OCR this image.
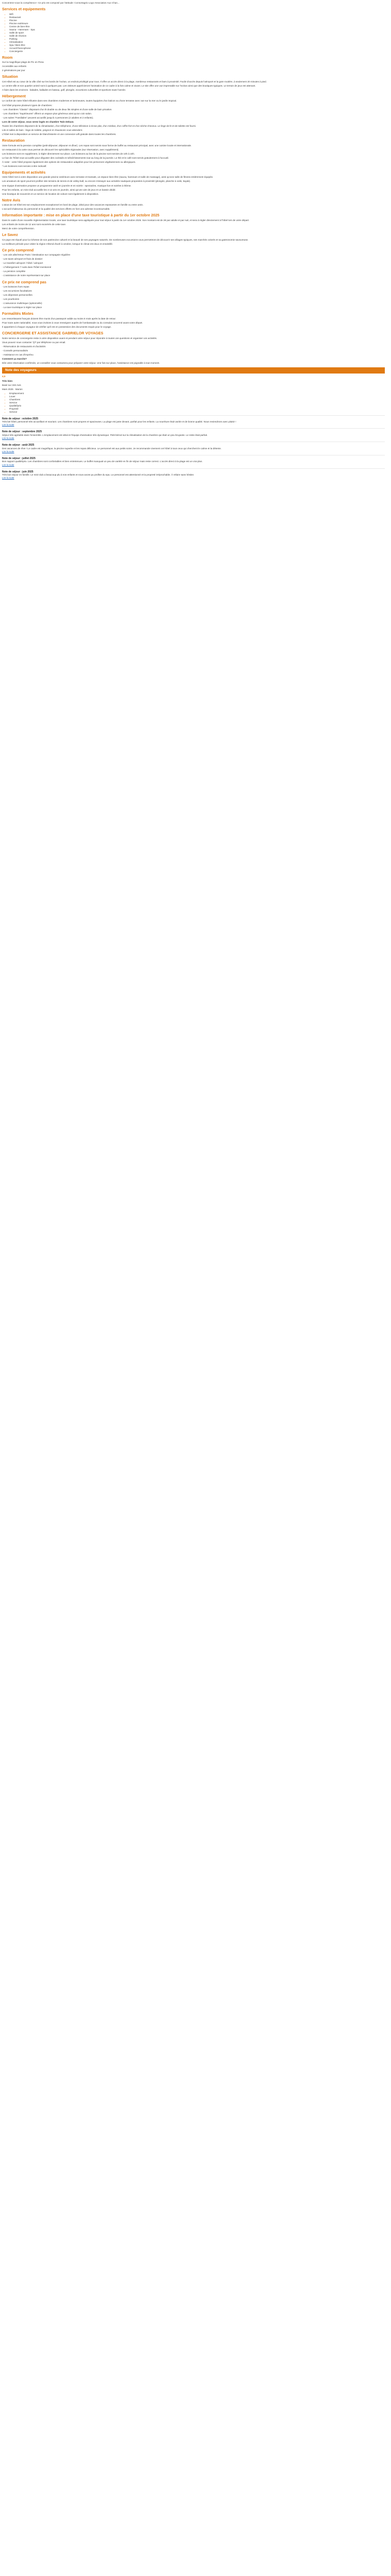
Concentrez-vous la compétence ! Ce prix est composé par l'attitude: Consortagrio Logo Association Aux Chan...

Services et equipements
• Wifi
• Restaurant
• Piscine
• Piscine extérieure
• Centre de bien-être
• Sauna - Hammam - Spa
• Salle de sport
• Salle de réunion
• Parking
• Climatisation
• Spa / Bien-être
• Accueil francophone
• Conciergerie
Room

Sur la magnifique plage de Pic en Pena

Accessible aux enfants

2 générations par jour

Situation

Cet Hôtel est au cœur de la ville côté sur les bords de l'océan, un endroit privilégié pour tous. Il offre un accès direct à la plage, nombreux restaurants et bars à proximité. Facile d'accès depuis l'aéroport et la gare routière, à seulement 20 minutes à pied.

Le centre-ville et son quartier animé sont à quelques pas. Les visiteurs apprécieront l'animation de ce cadre à la fois calme et vivant. Le site offre une vue imprenable sur l'océan ainsi que des boutiques typiques. Le terrain de jeux est attenant.

A faire dans les environs : balades, ballades en bateau, golf, plongée, excursions culturelles et sportives toute l'année.

Hébergement

Le confort de notre hôtel s'illustre dans ses chambres modernes et lumineuses, toutes équipées d'un balcon ou d'une terrasse avec vue sur la mer ou le jardin tropical.

Cet hôtel propose plusieurs types de chambres :

- Les chambres "Classic" disposant d'un lit double ou de deux lits simples et d'une salle de bain privative.

- Les chambres "Supérieures" offrent un espace plus généreux ainsi qu'un coin salon.

- Les suites "Familiales" peuvent accueillir jusqu'à 4 personnes (2 adultes et 2 enfants).

Lors de votre séjour, vous serez logés en chambre Twin Deluxe.

Toutes les chambres disposent de la climatisation, d'un téléphone, d'une télévision à écran plat, d'un minibar, d'un coffre-fort et d'un sèche-cheveux. Le linge de lit et de toilette est fourni.

Lits et salles de bain : linge de toilette, peignoir et chaussons vous attendent.

L'hôtel met à disposition un service de blanchisserie et une connexion wifi gratuite dans toutes les chambres.

Restauration

Votre formule est la pension complète (petit-déjeuner, déjeuner et dîner). Les repas sont servis sous forme de buffet au restaurant principal, avec une cuisine locale et internationale.

Un restaurant à la carte vous permet de découvrir les spécialités régionales (sur réservation, avec supplément).

Les boissons sont en supplément, à régler directement sur place. Les boissons au bar de la piscine sont servies de 10h à 22h.

Le bar de l'hôtel vous accueille pour déguster des cocktails et rafraîchissements tout au long de la journée. Le thé et le café sont servis gratuitement à l'accueil.

À noter : votre hôtel propose également des options de restauration adaptées pour les personnes végétariennes ou allergiques.

* Les boissons sont servies à titre indicatif.

Equipements et activités

Votre hôtel met à votre disposition une grande piscine extérieure avec terrasse et transats, un espace bien-être (sauna, hammam et salle de massage), ainsi qu'une salle de fitness entièrement équipée.

Les amateurs de sport pourront profiter des terrains de tennis et de volley-ball, ou encore s'essayer aux activités nautiques proposées à proximité (plongée, planche à voile, kayak).

Une équipe d'animation propose un programme varié en journée et en soirée : spectacles, musique live et soirées à thème.

Pour les enfants, un mini-club accueille les 4-12 ans en journée, ainsi qu'une aire de jeux et un bassin dédié.

Une boutique de souvenirs et un service de location de voiture sont également à disposition.

Notre Avis

L'atout de cet hôtel est son emplacement exceptionnel en bord de plage, idéal pour des vacances reposantes en famille ou entre amis.

L'accueil chaleureux du personnel et la qualité des services offerts en font une adresse incontournable.

Information importante : mise en place d'une taxe touristique à partir du 1er octobre 2025

Dans le cadre d'une nouvelle réglementation locale, une taxe touristique sera appliquée pour tout séjour à partir du 1er octobre 2025. Son montant est de 2€ par adulte et par nuit, et sera à régler directement à l'hôtel lors de votre départ.

Les enfants de moins de 12 ans sont exonérés de cette taxe.

Merci de votre compréhension.

Le Savez

Ce pays est réputé pour la richesse de son patrimoine culturel et la beauté de ses paysages naturels. De nombreuses excursions vous permettront de découvrir ses villages typiques, ses marchés colorés et sa gastronomie savoureuse.

La meilleure période pour visiter la région s'étend d'avril à octobre, lorsque le climat est doux et ensoleillé.

Ce prix comprend

- Les vols aller/retour Paris / Destination sur compagnie régulière

- Les taxes aéroport et frais de dossier

- Le transfert aéroport / hôtel / aéroport

- L'hébergement 7 nuits dans l'hôtel mentionné

- La pension complète

- L'assistance de notre représentant sur place

Ce prix ne comprend pas

- Les boissons hors repas

- Les excursions facultatives

- Les dépenses personnelles

- Les pourboires

- L'assurance multirisque (optionnelle)

- La taxe touristique à régler sur place

Formalités Mixtes

Les ressortissants français doivent être munis d'un passeport valide au moins 6 mois après la date de retour.

Pour toute autre nationalité, nous vous invitons à vous renseigner auprès de l'ambassade ou du consulat concerné avant votre départ.

Il appartient à chaque voyageur de vérifier qu'il est en possession des documents requis pour le voyage.

CONCIERGERIE ET ASSISTANCE GABRIELOR VOYAGES

Notre service de conciergerie reste à votre disposition avant et pendant votre séjour pour répondre à toutes vos questions et organiser vos activités.

Vous pouvez nous contacter 7j/7 par téléphone ou par email.

- Réservation de restaurants et d'activités

- Conseils personnalisés

- Assistance en cas d'imprévu

Comment ça marche?

Dès votre réservation confirmée, un conseiller vous contactera pour préparer votre séjour. Une fois sur place, l'assistance est joignable à tout moment.

Note des voyageurs

4,5

Très bien

Basé sur 333 Avis

Mars 2025 · Marion

• Emplacement
• Louer
• Chambres
• Service
• Qualité/prix
• Propreté
• Service
Note de séjour : octobre 2025
Très bel hôtel, personnel très accueillant et souriant. Les chambres sont propres et spacieuses. La plage est juste devant, parfait pour les enfants. La nourriture était variée et de bonne qualité. Nous reviendrons avec plaisir !
Lire la suite
Note de séjour : septembre 2025
Séjour très agréable dans l'ensemble. L'emplacement est idéal et l'équipe d'animation très dynamique. Petit bémol sur la climatisation de la chambre qui était un peu bruyante. Le reste était parfait.
Lire la suite
Note de séjour : août 2025
Des vacances de rêve ! Le cadre est magnifique, la piscine superbe et les repas délicieux. Le personnel est aux petits soins. Je recommande vivement cet hôtel à tous ceux qui cherchent le calme et la détente.
Lire la suite
Note de séjour : juillet 2025
Bon rapport qualité/prix. Les chambres sont confortables et bien entretenues. Le buffet manquait un peu de variété en fin de séjour mais reste correct. L'accès direct à la plage est un vrai plus.
Lire la suite
Note de séjour : juin 2025
Très bon séjour en famille. Le mini-club a beaucoup plu à nos enfants et nous avons pu profiter du spa. Le personnel est attentionné et la propreté irréprochable. À refaire sans hésiter.
Lire la suite
